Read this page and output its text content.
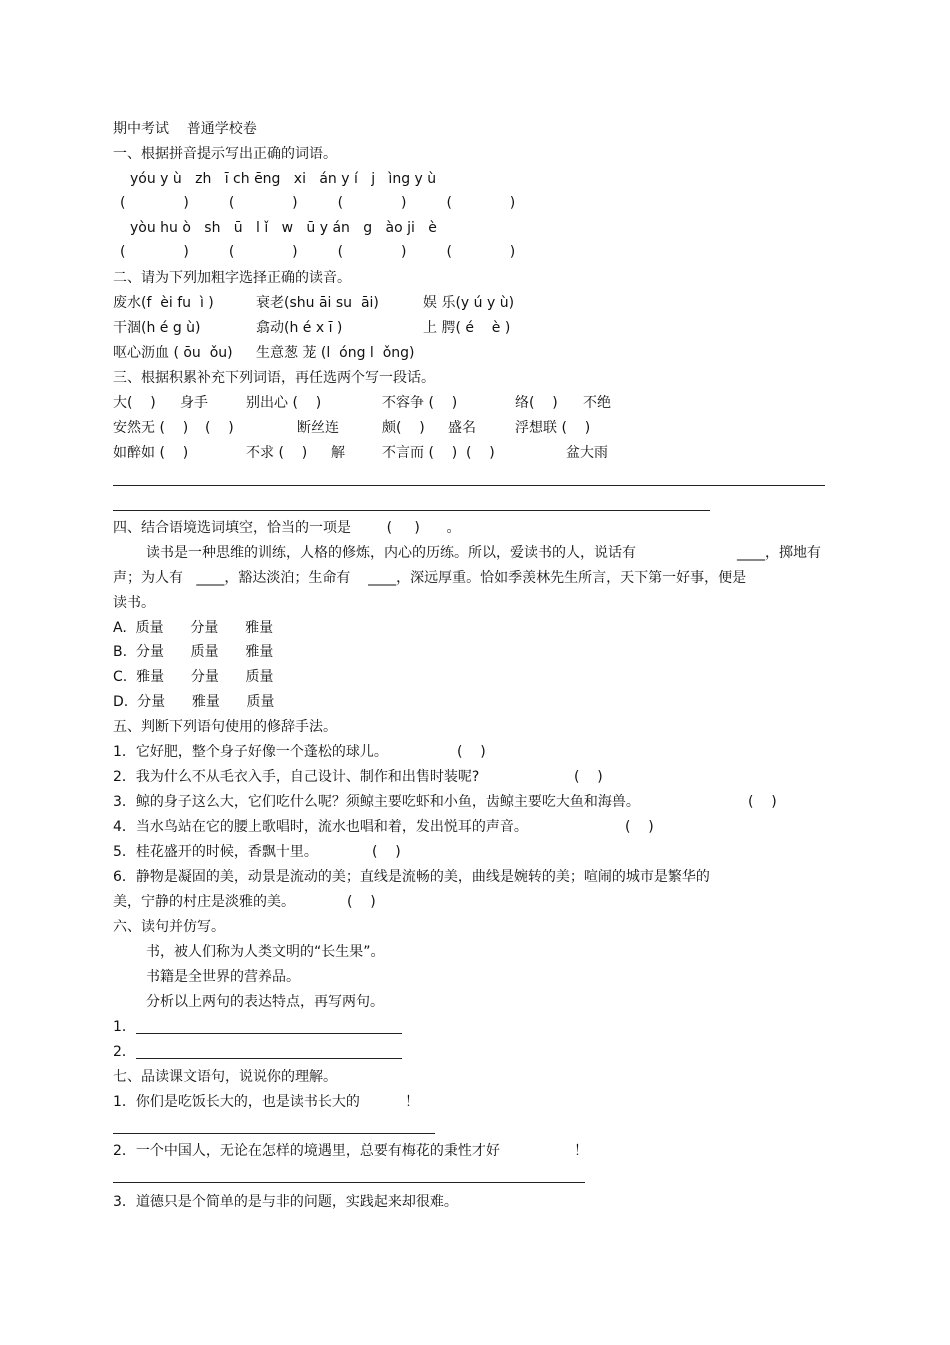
期中考试    普通学校卷
一、根据拼音提示写出正确的词语。
yóu y ù   zh   ī ch ēng   xi   án y í   j   ìng y ù
(             )         (             )         (             )         (             )
yòu hu ò   sh   ū   l ǐ   w   ū y án   g   ào ji   è
(             )         (             )         (             )         (             )
二、请为下列加粗字选择正确的读音。
废水(f  èi fu  ì )	衰老(shu āi su  āi)	娱 乐(y ú y ù)
干涸(h é g ù)	翕动(h é x ī )	上 腭( é    è )
呕心沥血 ( ōu  ǒu) 生意葱 茏 (l  óng l  ǒng)
三、根据积累补充下列词语，再任选两个写一段话。
大(    ) 身手	别出心 (    )	不容争 (    )	络(    ) 不绝
安然无 (    ) (    )	断丝连	颇(    ) 盛名	浮想联 (    )
如醉如 (    )	不求 (    ) 解	不言而 (    ) (    )	盆大雨
四、结合语境选词填空，恰当的一项是        (     )      。
读书是一种思维的训练，人格的修炼，内心的历练。所以，爱读书的人，说话有	____，掷地有
声；为人有   ____，豁达淡泊；生命有    ____，深远厚重。恰如季羡林先生所言，天下第一好事，便是
读书。
A.  质量      分量      雅量
B.  分量      质量      雅量
C.  雅量      分量      质量
D.  分量      雅量      质量
五、判断下列语句使用的修辞手法。
1．它好肥，整个身子好像一个蓬松的球儿。	(    )
2．我为什么不从毛衣入手，自己设计、制作和出售时装呢?	(    )
3．鲸的身子这么大，它们吃什么呢？须鲸主要吃虾和小鱼，齿鲸主要吃大鱼和海兽。	(    )
4．当水鸟站在它的腰上歌唱时，流水也唱和着，发出悦耳的声音。	(    )
5．桂花盛开的时候，香飘十里。	(    )
6．静物是凝固的美，动景是流动的美；直线是流畅的美，曲线是婉转的美；喧闹的城市是繁华的
美，宁静的村庄是淡雅的美。	(    )
六、读句并仿写。
书，被人们称为人类文明的“长生果”。
书籍是全世界的营养品。
分析以上两句的表达特点，再写两句。
1．
2．
七、品读课文语句，说说你的理解。
1．你们是吃饭长大的，也是读书长大的	！
2．一个中国人，无论在怎样的境遇里，总要有梅花的秉性才好	！
3．道德只是个简单的是与非的问题，实践起来却很难。
